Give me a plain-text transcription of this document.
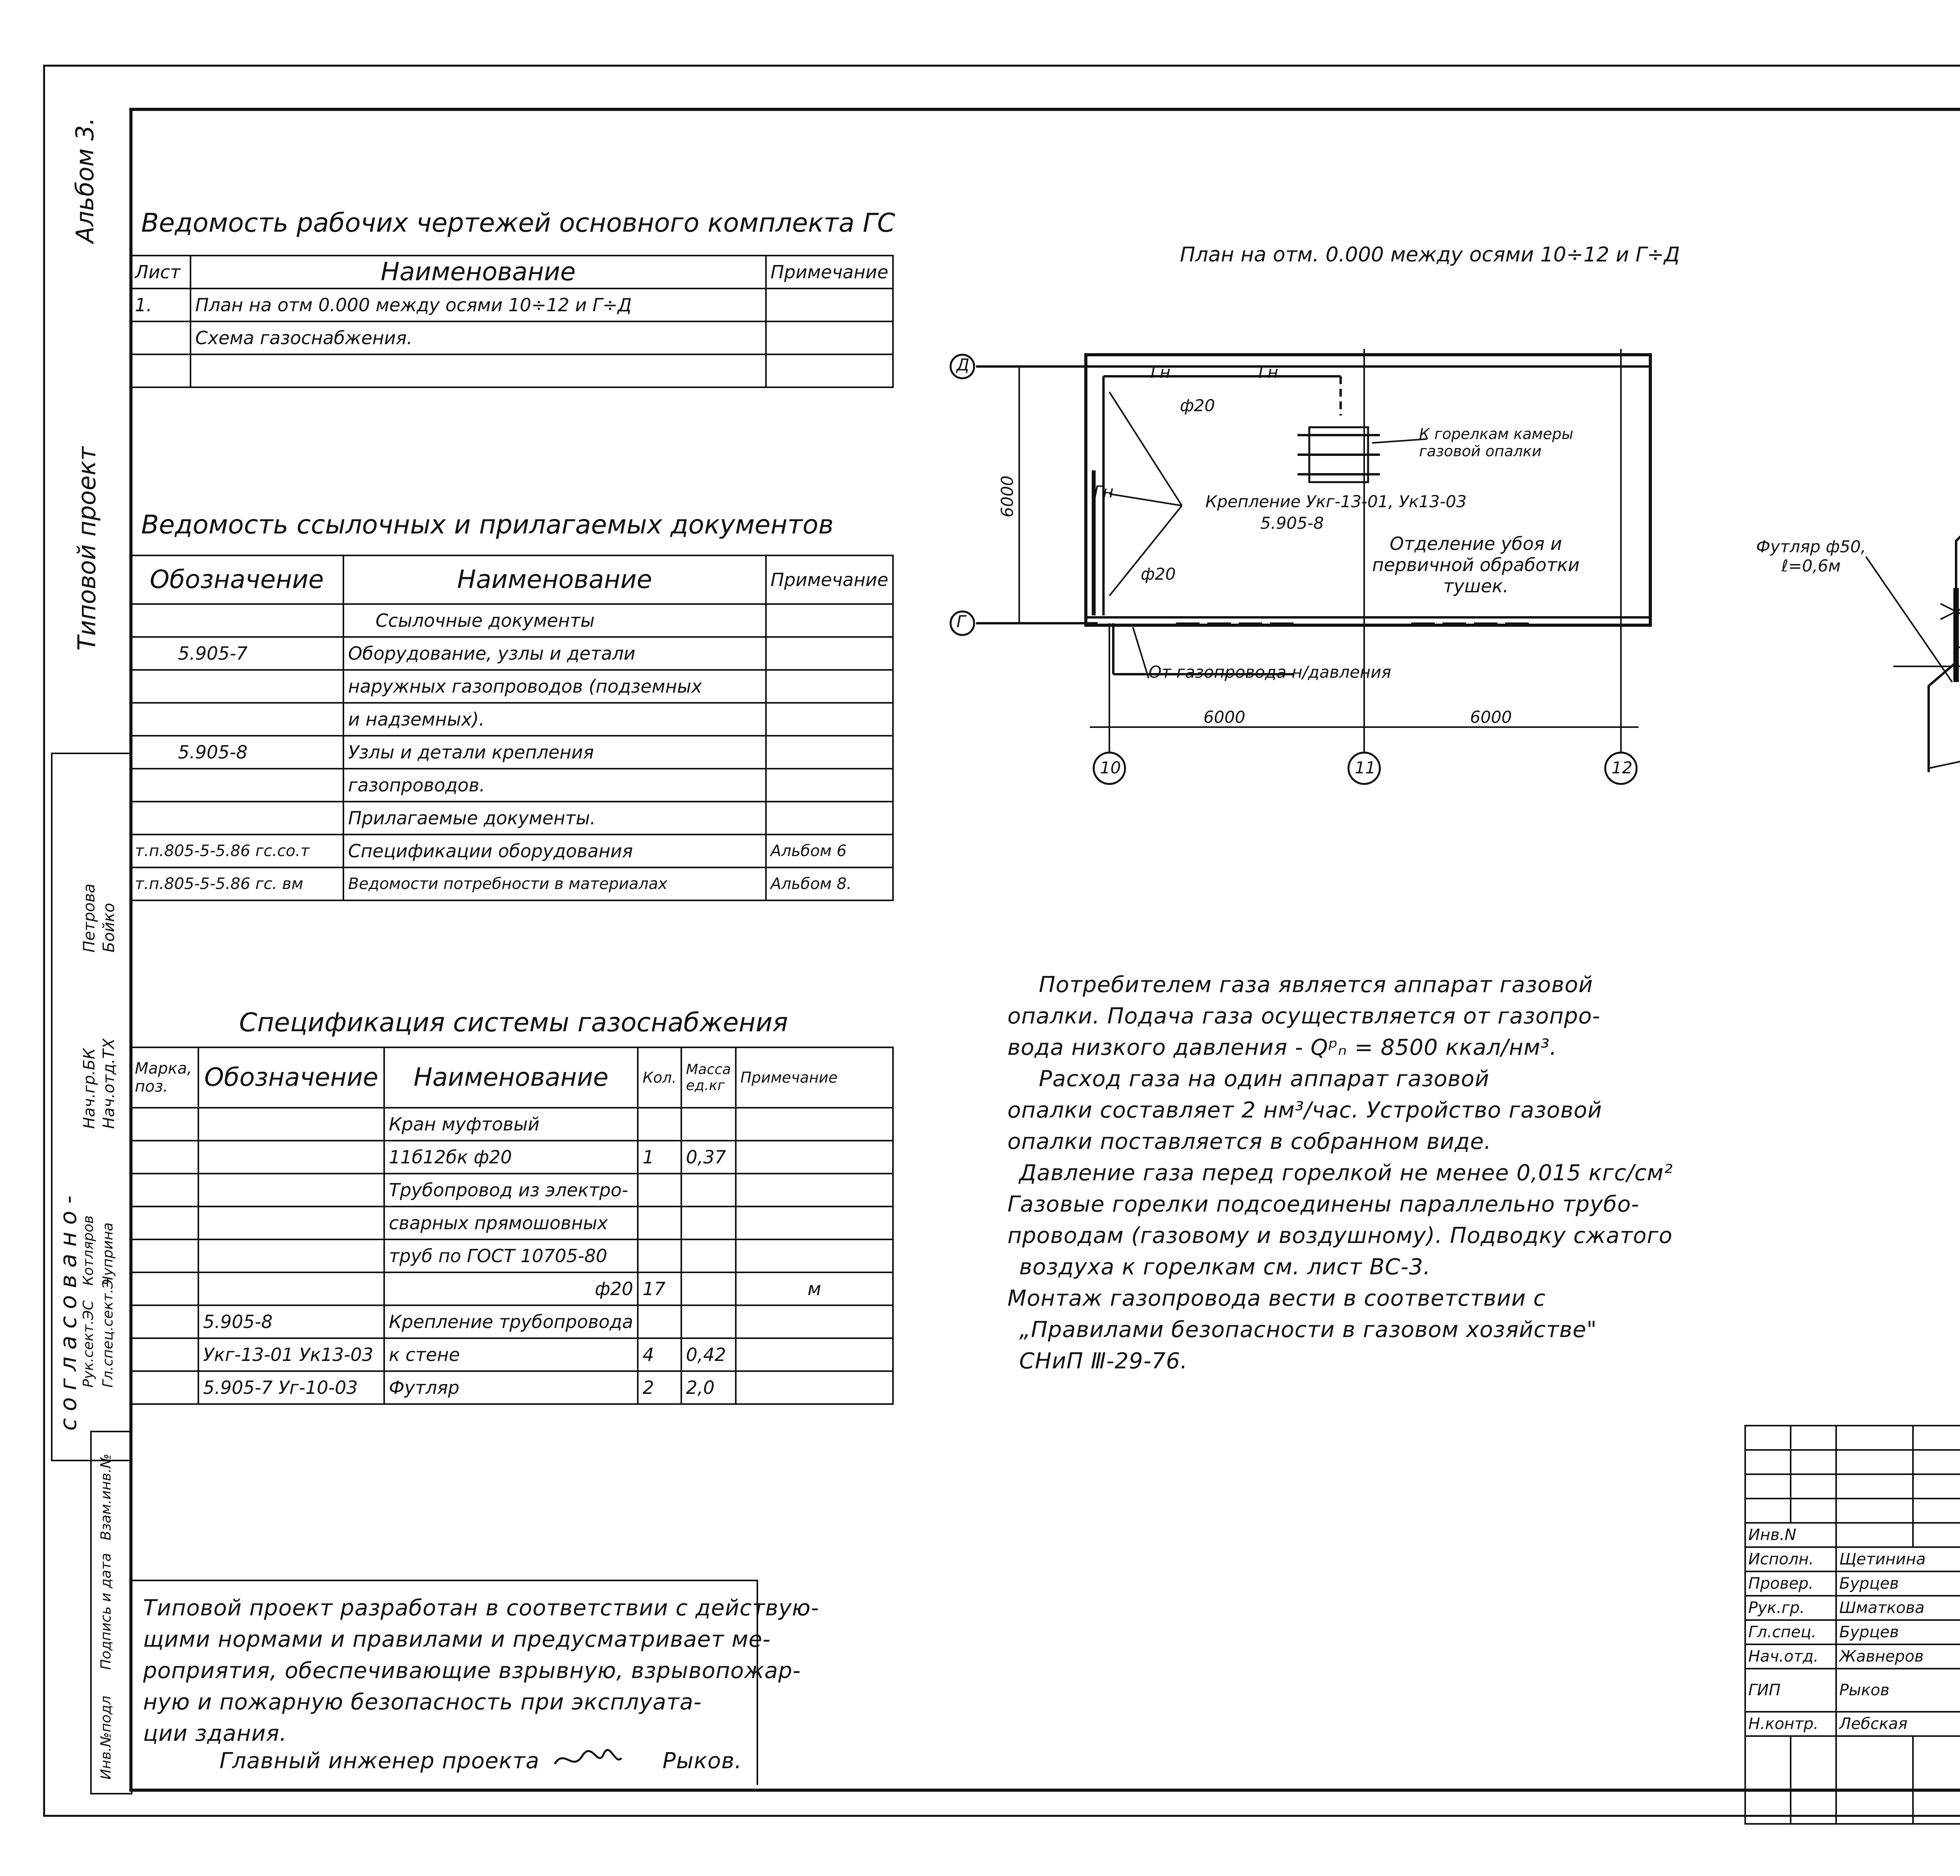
Альбом 3.
Типовой проект
согласовано-
Нач.гр.БК Нач.отд.ТХ
Рук.сект.ЭС Гл.спец.сект.Э
Петрова Бойко
Котляров Чуприна
Взам.инв.№
Подпись и дата
Инв.№подл
Ведомость рабочих чертежей основного комплекта ГС
Лист	Наименование	Примечание
1.	План на отм 0.000 между осями 10÷12 и Г÷Д	
	Схема газоснабжения.	

Ведомость ссылочных и прилагаемых документов
Обозначение	Наименование	Примечание
	Ссылочные документы	
5.905-7	Оборудование, узлы и детали	
	наружных газопроводов (подземных	
	и надземных).	
5.905-8	Узлы и детали крепления	
	газопроводов.	
	Прилагаемые документы.	
т.п.805-5-5.86 гс.со.т	Спецификации оборудования	Альбом 6
т.п.805-5-5.86 гс. вм	Ведомости потребности в материалах	Альбом 8.
Спецификация системы газоснабжения
Марка, поз.	Обозначение	Наименование	Кол.	Масса ед.кг	Примечание
		Кран муфтовый			
		11б12бк ф20	1	0,37	
		Трубопровод из электро-			
		сварных прямошовных			
		труб по ГОСТ 10705-80			
		ф20	17		м
	5.905-8	Крепление трубопровода			
	Укг-13-01 Ук13-03	к стене	4	0,42	
	5.905-7 Уг-10-03	Футляр	2	2,0	
Типовой проект разработан в соответствии с действую-
щими нормами и правилами и предусматривает ме-
роприятия, обеспечивающие взрывную, взрывопожар-
ную и пожарную безопасность при эксплуата-
ции здания.
Главный инженер проекта	Рыков.
План на отм. 0.000 между осями 10÷12 и Г÷Д
Д
Г
10	11	12
6000
6000	6000
Гн	Гн
Гн
ф20
ф20
К горелкам камеры газовой опалки
Крепление Укг-13-01, Ук13-03
5.905-8
Отделение убоя и первичной обработки тушек.
От газопровода н/давления
Футляр ф50, ℓ=0,6м
Потребителем газа является аппарат газовой
опалки. Подача газа осуществляется от газопро-
вода низкого давления - Qᵖₙ = 8500 ккал/нм³.
Расход газа на один аппарат газовой
опалки составляет 2 нм³/час. Устройство газовой
опалки поставляется в собранном виде.
Давление газа перед горелкой не менее 0,015 кгс/см²
Газовые горелки подсоединены параллельно трубо-
проводам (газовому и воздушному). Подводку сжатого
воздуха к горелкам см. лист ВС-3.
Монтаж газопровода вести в соответствии с
„Правилами безопасности в газовом хозяйстве"
СНиП Ⅲ-29-76.

Инв.N									
Исполн.		Щетинина		
Провер.		Бурцев				
Рук.гр.		Шматкова		
Гл.спец.		Бурцев		
Нач.отд.		Жавнеров						
ГИП		Рыков					
Н.контр.		Лебская		
